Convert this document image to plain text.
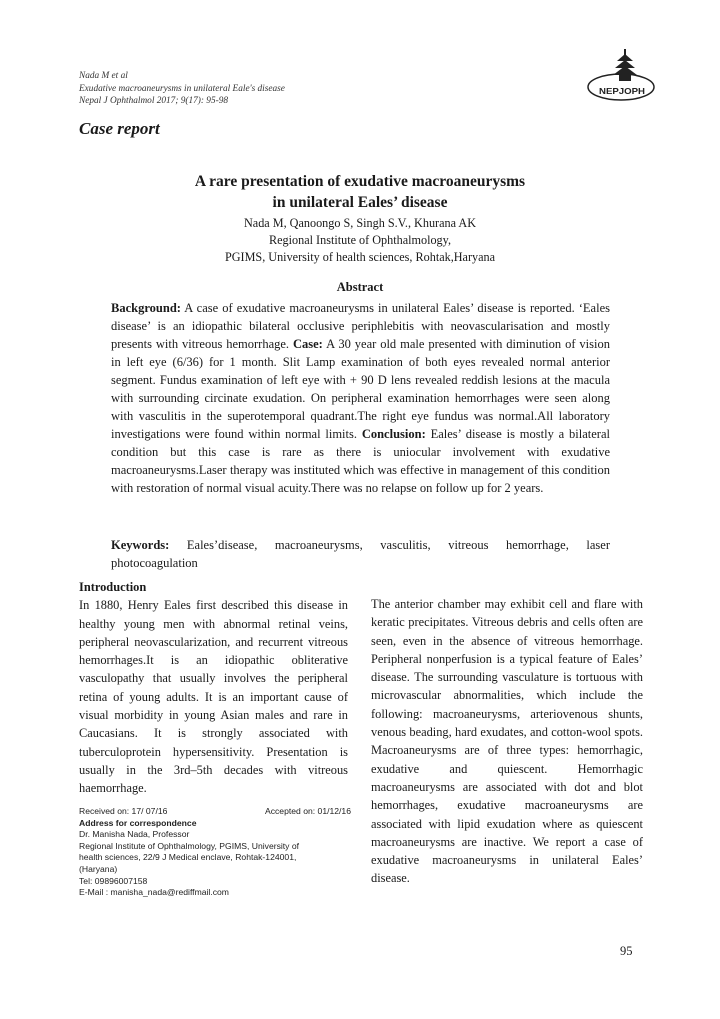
Nada M et al
Exudative macroaneurysms in unilateral Eale's disease
Nepal J Ophthalmol 2017; 9(17): 95-98
NEPJOPH
Case report
A rare presentation of exudative macroaneurysms
in unilateral Eales’ disease
Nada M, Qanoongo S, Singh S.V., Khurana AK
Regional Institute of Ophthalmology,
PGIMS, University of health sciences, Rohtak,Haryana
Abstract

Background: A case of exudative macroaneurysms in unilateral Eales’ disease is reported. ‘Eales disease’ is an idiopathic bilateral occlusive periphlebitis with neovascularisation and mostly presents with vitreous hemorrhage. Case: A 30 year old male presented with diminution of vision in left eye (6/36) for 1 month. Slit Lamp examination of both eyes revealed normal anterior segment. Fundus examination of left eye with + 90 D lens revealed reddish lesions at the macula with surrounding circinate exudation. On peripheral examination hemorrhages were seen along with vasculitis in the superotemporal quadrant.The right eye fundus was normal.All laboratory investigations were found within normal limits. Conclusion: Eales’ disease is mostly a bilateral condition but this case is rare as there is uniocular involvement with exudative macroaneurysms.Laser therapy was instituted which was effective in management of this condition with restoration of normal visual acuity.There was no relapse on follow up for 2 years.

Keywords: Eales’disease, macroaneurysms, vasculitis, vitreous hemorrhage, laser photocoagulation
Introduction
In 1880, Henry Eales first described this disease in healthy young men with abnormal retinal veins, peripheral neovascularization, and recurrent vitreous hemorrhages.It is an idiopathic obliterative vasculopathy that usually involves the peripheral retina of young adults. It is an important cause of visual morbidity in young Asian males and rare in Caucasians. It is strongly associated with tuberculoprotein hypersensitivity. Presentation is usually in the 3rd–5th decades with vitreous haemorrhage.
The anterior chamber may exhibit cell and flare with keratic precipitates. Vitreous debris and cells often are seen, even in the absence of vitreous hemorrhage. Peripheral nonperfusion is a typical feature of Eales’ disease. The surrounding vasculature is tortuous with microvascular abnormalities, which include the following: macroaneurysms, arteriovenous shunts, venous beading, hard exudates, and cotton-wool spots. Macroaneurysms are of three types: hemorrhagic, exudative and quiescent. Hemorrhagic macroaneurysms are associated with dot and blot hemorrhages, exudative macroaneurysms are associated with lipid exudation where as quiescent macroaneurysms are inactive. We report a case of exudative macroaneurysms in unilateral Eales’ disease.
Received on: 17/ 07/16	Accepted on: 01/12/16
Address for correspondence
Dr. Manisha Nada, Professor
Regional Institute of Ophthalmology, PGIMS, University of
health sciences, 22/9 J Medical enclave, Rohtak-124001,
(Haryana)
Tel: 09896007158
E-Mail : manisha_nada@rediffmail.com
95
